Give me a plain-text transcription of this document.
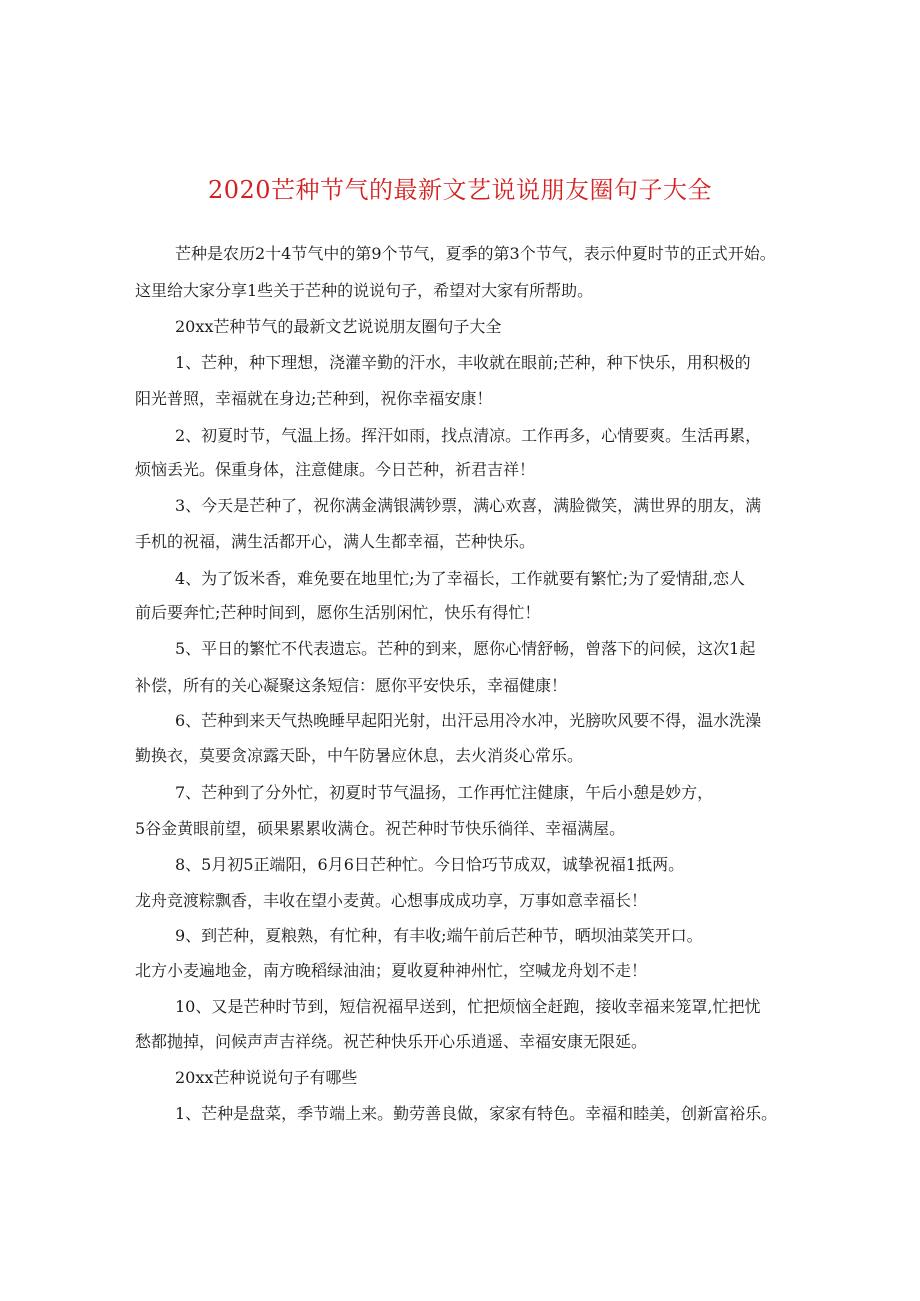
2020芒种节气的最新文艺说说朋友圈句子大全
芒种是农历2十4节气中的第9个节气，夏季的第3个节气，表示仲夏时节的正式开始。
这里给大家分享1些关于芒种的说说句子，希望对大家有所帮助。
20xx芒种节气的最新文艺说说朋友圈句子大全
1、芒种，种下理想，浇灌辛勤的汗水，丰收就在眼前;芒种，种下快乐，用积极的
阳光普照，幸福就在身边;芒种到，祝你幸福安康！
2、初夏时节，气温上扬。挥汗如雨，找点清凉。工作再多，心情要爽。生活再累，
烦恼丢光。保重身体，注意健康。今日芒种，祈君吉祥！
3、今天是芒种了，祝你满金满银满钞票，满心欢喜，满脸微笑，满世界的朋友，满
手机的祝福，满生活都开心，满人生都幸福，芒种快乐。
4、为了饭米香，难免要在地里忙;为了幸福长，工作就要有繁忙;为了爱情甜,恋人
前后要奔忙;芒种时间到，愿你生活别闲忙，快乐有得忙！
5、平日的繁忙不代表遗忘。芒种的到来，愿你心情舒畅，曾落下的问候，这次1起
补偿，所有的关心凝聚这条短信：愿你平安快乐，幸福健康！
6、芒种到来天气热晚睡早起阳光射，出汗忌用冷水冲，光膀吹风要不得，温水洗澡
勤换衣，莫要贪凉露天卧，中午防暑应休息，去火消炎心常乐。
7、芒种到了分外忙，初夏时节气温扬，工作再忙注健康，午后小憩是妙方，
5谷金黄眼前望，硕果累累收满仓。祝芒种时节快乐徜徉、幸福满屋。
8、5月初5正端阳，6月6日芒种忙。今日恰巧节成双，诚挚祝福1抵两。
龙舟竞渡粽飘香，丰收在望小麦黄。心想事成成功享，万事如意幸福长！
9、到芒种，夏粮熟，有忙种，有丰收;端午前后芒种节，晒坝油菜笑开口。
北方小麦遍地金，南方晚稻绿油油；夏收夏种神州忙，空喊龙舟划不走！
10、又是芒种时节到，短信祝福早送到，忙把烦恼全赶跑，接收幸福来笼罩,忙把忧
愁都抛掉，问候声声吉祥绕。祝芒种快乐开心乐逍遥、幸福安康无限延。
20xx芒种说说句子有哪些
1、芒种是盘菜，季节端上来。勤劳善良做，家家有特色。幸福和睦美，创新富裕乐。
